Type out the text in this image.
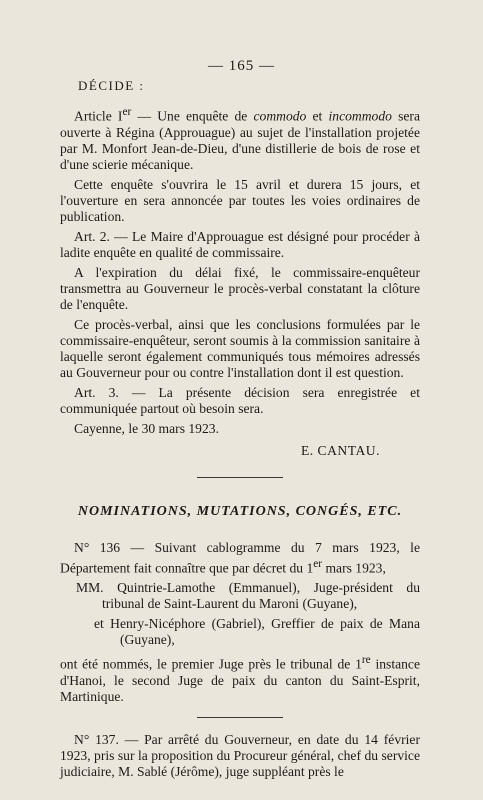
— 165 —
DÉCIDE :

Article Ier — Une enquête de commodo et incommodo sera ouverte à Régina (Approuague) au sujet de l'installation projetée par M. Monfort Jean-de-Dieu, d'une distillerie de bois de rose et d'une scierie mécanique.

Cette enquête s'ouvrira le 15 avril et durera 15 jours, et l'ouverture en sera annoncée par toutes les voies ordinaires de publication.

Art. 2. — Le Maire d'Approuague est désigné pour procéder à ladite enquête en qualité de commissaire.

A l'expiration du délai fixé, le commissaire-enquêteur transmettra au Gouverneur le procès-verbal constatant la clôture de l'enquête.

Ce procès-verbal, ainsi que les conclusions formulées par le commissaire-enquêteur, seront soumis à la commission sanitaire à laquelle seront également communiqués tous mémoires adressés au Gouverneur pour ou contre l'installation dont il est question.

Art. 3. — La présente décision sera enregistrée et communiquée partout où besoin sera.

Cayenne, le 30 mars 1923.

E. CANTAU.
NOMINATIONS, MUTATIONS, CONGÉS, ETC.

N° 136 — Suivant cablogramme du 7 mars 1923, le Département fait connaître que par décret du 1er mars 1923,

MM. Quintrie-Lamothe (Emmanuel), Juge-président du tribunal de Saint-Laurent du Maroni (Guyane),

et Henry-Nicéphore (Gabriel), Greffier de paix de Mana (Guyane),

ont été nommés, le premier Juge près le tribunal de 1re instance d'Hanoi, le second Juge de paix du canton du Saint-Esprit, Martinique.

N° 137. — Par arrêté du Gouverneur, en date du 14 février 1923, pris sur la proposition du Procureur général, chef du service judiciaire, M. Sablé (Jérôme), juge suppléant près le
